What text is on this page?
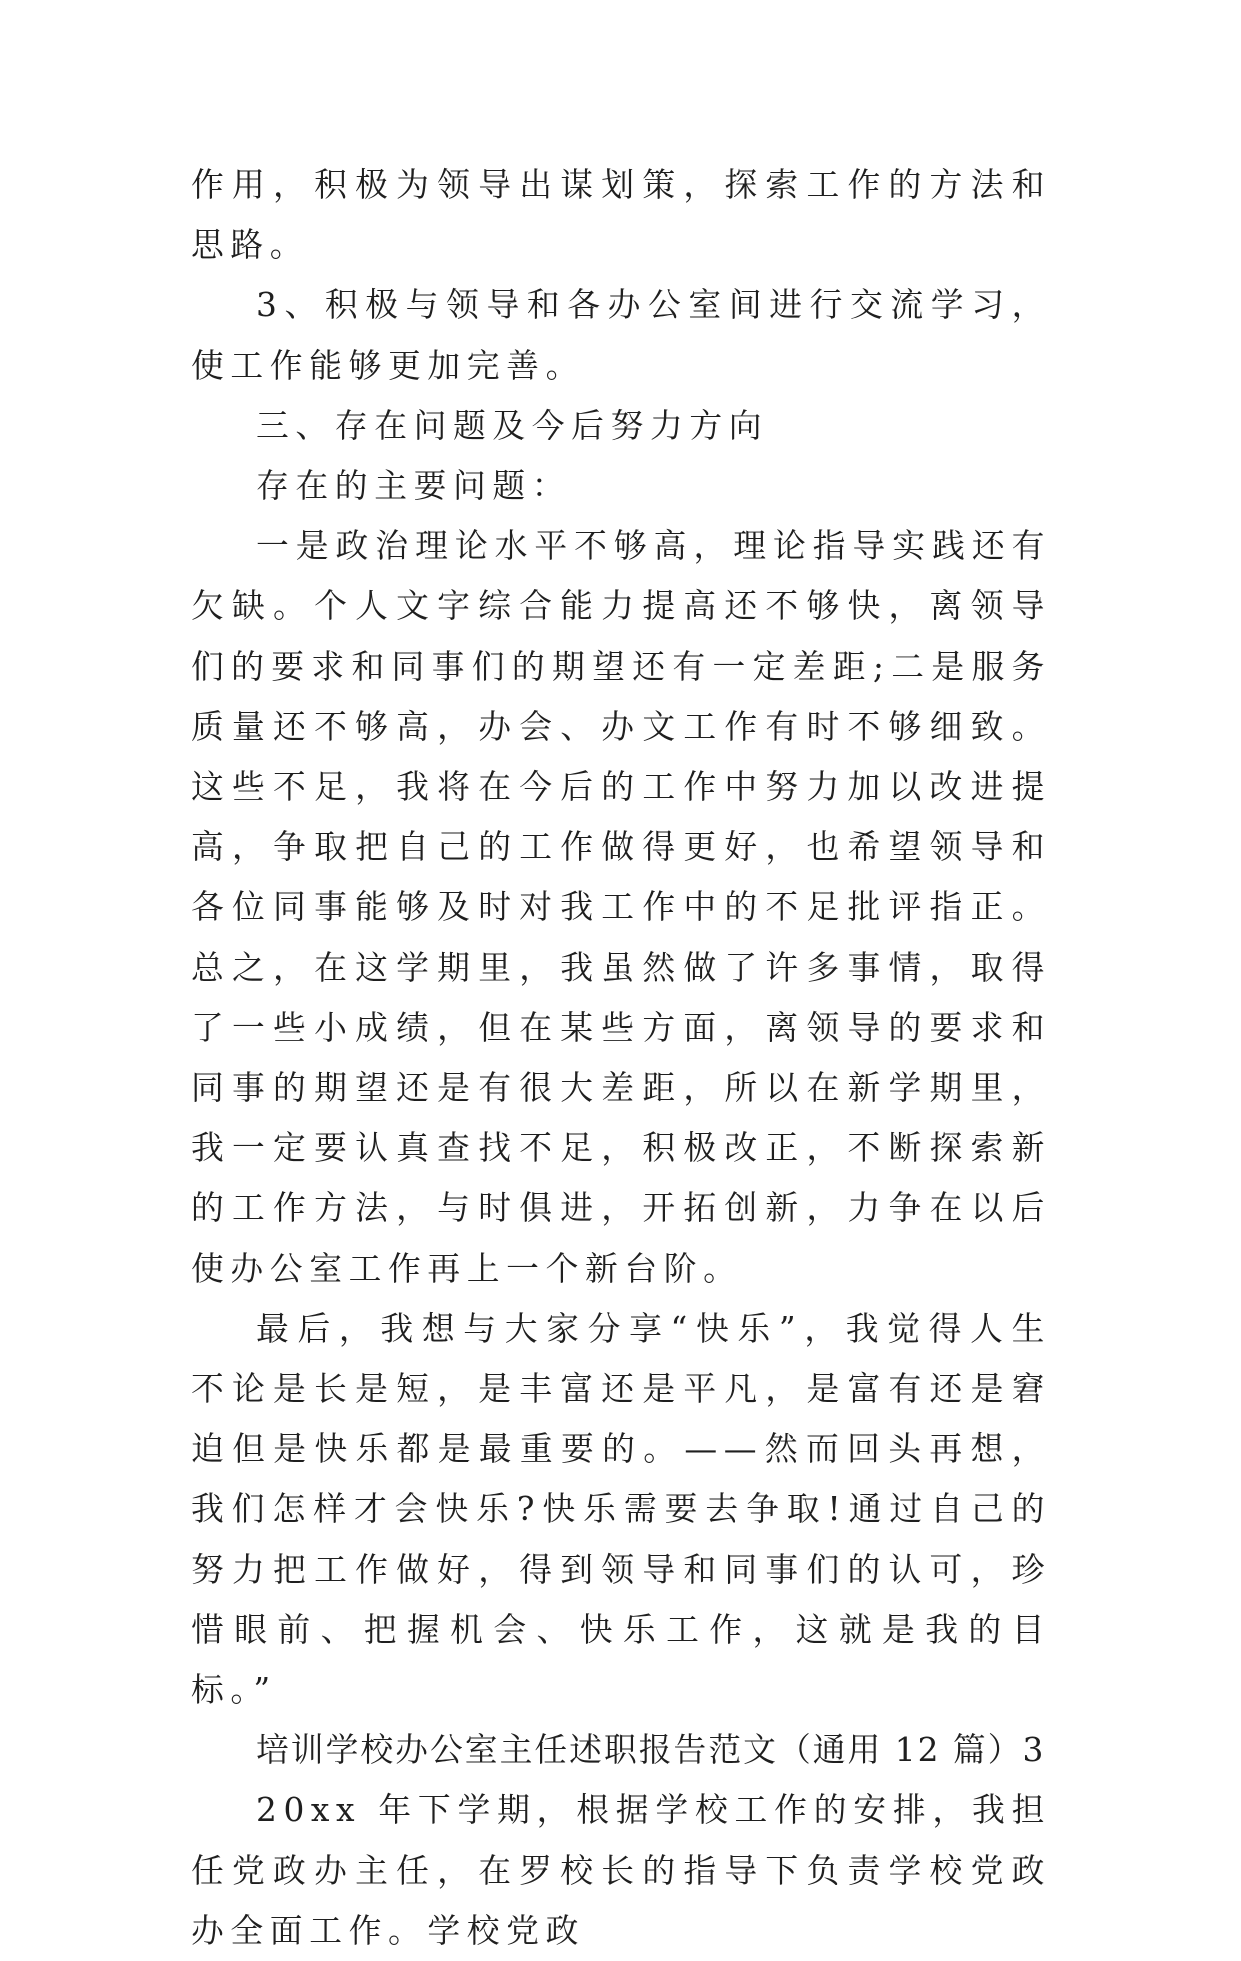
作用，积极为领导出谋划策，探索工作的方法和思路。

3、积极与领导和各办公室间进行交流学习，使工作能够更加完善。

三、存在问题及今后努力方向

存在的主要问题：

一是政治理论水平不够高，理论指导实践还有欠缺。个人文字综合能力提高还不够快，离领导们的要求和同事们的期望还有一定差距;二是服务质量还不够高，办会、办文工作有时不够细致。这些不足，我将在今后的工作中努力加以改进提高，争取把自己的工作做得更好，也希望领导和各位同事能够及时对我工作中的不足批评指正。总之，在这学期里，我虽然做了许多事情，取得了一些小成绩，但在某些方面，离领导的要求和同事的期望还是有很大差距，所以在新学期里，我一定要认真查找不足，积极改正，不断探索新的工作方法，与时俱进，开拓创新，力争在以后使办公室工作再上一个新台阶。

最后，我想与大家分享“快乐”，我觉得人生不论是长是短，是丰富还是平凡，是富有还是窘迫但是快乐都是最重要的。——然而回头再想，我们怎样才会快乐?快乐需要去争取!通过自己的努力把工作做好，得到领导和同事们的认可，珍惜眼前、把握机会、快乐工作，这就是我的目标。”

培训学校办公室主任述职报告范文（通用 12 篇）3

20xx 年下学期，根据学校工作的安排，我担任党政办主任，在罗校长的指导下负责学校党政办全面工作。学校党政
